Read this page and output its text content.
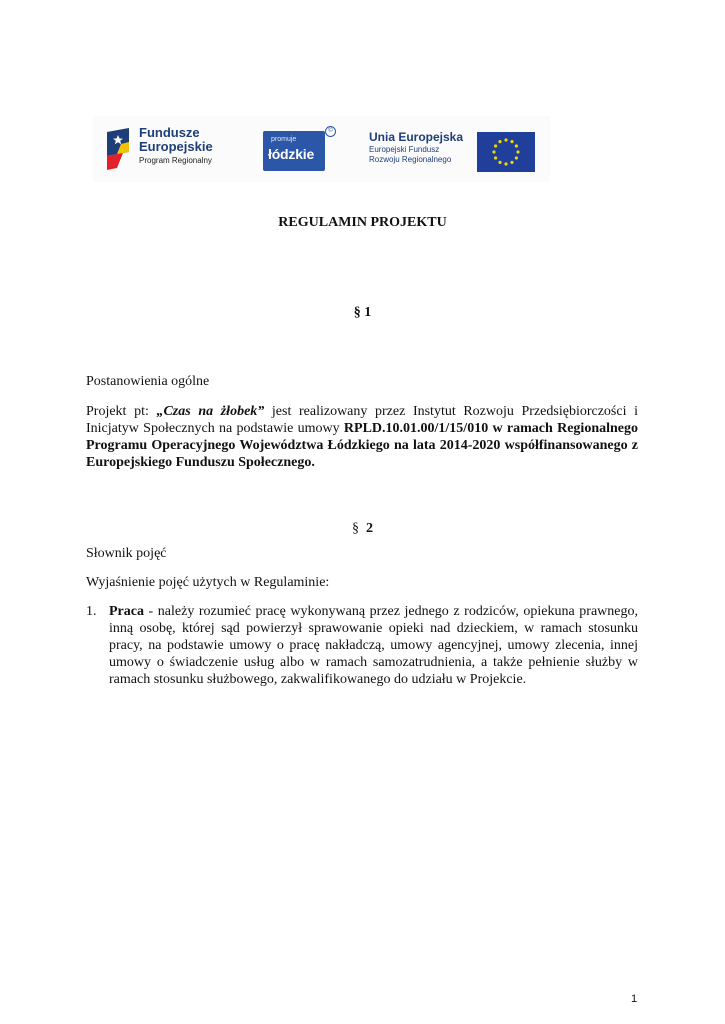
Fundusze
Europejskie
Program Regionalny
promuje
łódzkie
©	Unia Europejska
Europejski Fundusz
Rozwoju Regionalnego
REGULAMIN PROJEKTU
§ 1

Postanowienia ogólne

Projekt pt: „Czas na żłobek” jest realizowany przez Instytut Rozwoju Przedsiębiorczości i Inicjatyw Społecznych na podstawie umowy RPLD.10.01.00/1/15/010 w ramach Regionalnego Programu Operacyjnego Województwa Łódzkiego na lata 2014-2020 współfinansowanego z Europejskiego Funduszu Społecznego.

§ 2

Słownik pojęć

Wyjaśnienie pojęć użytych w Regulaminie:

1. Praca - należy rozumieć pracę wykonywaną przez jednego z rodziców, opiekuna prawnego, inną osobę, której sąd powierzył sprawowanie opieki nad dzieckiem, w ramach stosunku pracy, na podstawie umowy o pracę nakładczą, umowy agencyjnej, umowy zlecenia, innej umowy o świadczenie usług albo w ramach samozatrudnienia, a także pełnienie służby w ramach stosunku służbowego, zakwalifikowanego do udziału w Projekcie.
1
